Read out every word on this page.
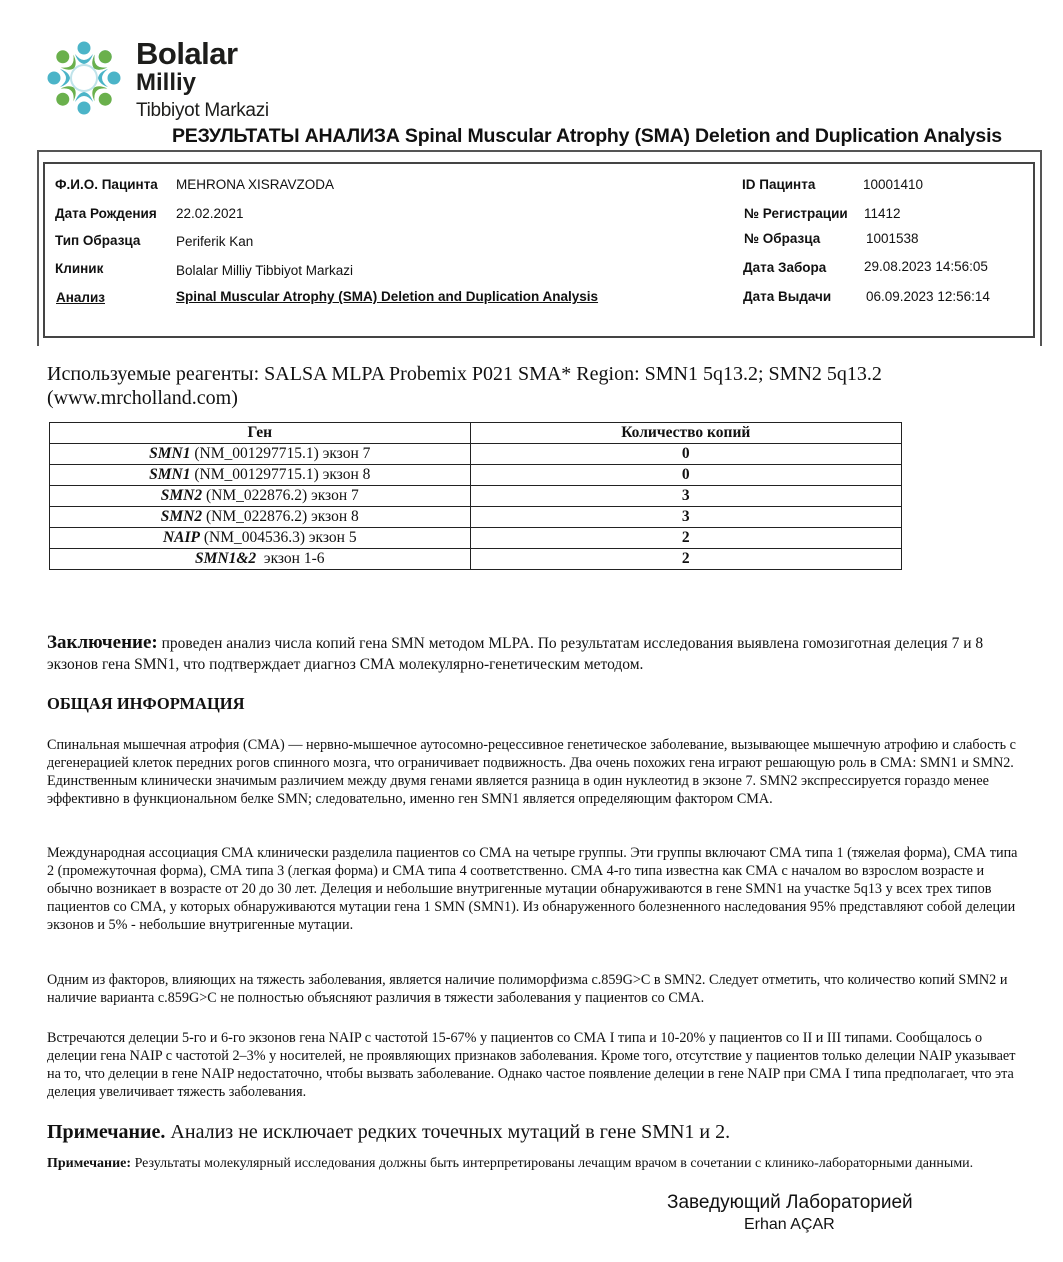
Bolalar
Milliy
Tibbiyot Markazi
РЕЗУЛЬТАТЫ АНАЛИЗА Spinal Muscular Atrophy (SMA) Deletion and Duplication Analysis
Ф.И.О. Пацинта MEHRONA XISRAVZODA
Дата Рождения 22.02.2021
Тип Образца	Periferik Kan
Клиник	Bolalar Milliy Tibbiyot Markazi
Анализ	Spinal Muscular Atrophy (SMA) Deletion and Duplication Analysis
ID Пацинта	10001410
№ Регистрации 11412
№ Образца	1001538
Дата Забора	29.08.2023 14:56:05
Дата Выдачи	06.09.2023 12:56:14
Используемые реагенты: SALSA MLPA Probemix P021 SMA* Region: SMN1 5q13.2; SMN2 5q13.2 (www.mrcholland.com)
Ген	Количество копий
SMN1 (NM_001297715.1) экзон 7	0
SMN1 (NM_001297715.1) экзон 8	0
SMN2 (NM_022876.2) экзон 7	3
SMN2 (NM_022876.2) экзон 8	3
NAIP (NM_004536.3) экзон 5	2
SMN1&2  экзон 1-6	2
Заключение: проведен анализ числа копий гена SMN методом MLPA. По результатам исследования выявлена гомозиготная делеция 7 и 8 экзонов гена SMN1, что подтверждает диагноз СМА молекулярно-генетическим методом.
ОБЩАЯ ИНФОРМАЦИЯ
Спинальная мышечная атрофия (СМА) — нервно-мышечное аутосомно-рецессивное генетическое заболевание, вызывающее мышечную атрофию и слабость с дегенерацией клеток передних рогов спинного мозга, что ограничивает подвижность. Два очень похожих гена играют решающую роль в СМА: SMN1 и SMN2. Единственным клинически значимым различием между двумя генами является разница в один нуклеотид в экзоне 7. SMN2 экспрессируется гораздо менее эффективно в функциональном белке SMN; следовательно, именно ген SMN1 является определяющим фактором СМА.
Международная ассоциация СМА клинически разделила пациентов со СМА на четыре группы. Эти группы включают СМА типа 1 (тяжелая форма), СМА типа 2 (промежуточная форма), СМА типа 3 (легкая форма) и СМА типа 4 соответственно. СМА 4-го типа известна как СМА с началом во взрослом возрасте и обычно возникает в возрасте от 20 до 30 лет. Делеция и небольшие внутригенные мутации обнаруживаются в гене SMN1 на участке 5q13 у всех трех типов пациентов со СМА, у которых обнаруживаются мутации гена 1 SMN (SMN1). Из обнаруженного болезненного наследования 95% представляют собой делеции экзонов и 5% - небольшие внутригенные мутации.
Одним из факторов, влияющих на тяжесть заболевания, является наличие полиморфизма c.859G>C в SMN2. Следует отметить, что количество копий SMN2 и наличие варианта c.859G>C не полностью объясняют различия в тяжести заболевания у пациентов со СМА.
Встречаются делеции 5-го и 6-го экзонов гена NAIP с частотой 15-67% у пациентов со СМА I типа и 10-20% у пациентов со II и III типами. Сообщалось о делеции гена NAIP с частотой 2–3% у носителей, не проявляющих признаков заболевания. Кроме того, отсутствие у пациентов только делеции NAIP указывает на то, что делеции в гене NAIP недостаточно, чтобы вызвать заболевание. Однако частое появление делеции в гене NAIP при СМА I типа предполагает, что эта делеция увеличивает тяжесть заболевания.
Примечание. Анализ не исключает редких точечных мутаций в гене SMN1 и 2.
Примечание: Результаты молекулярный исследования должны быть интерпретированы лечащим врачом в сочетании с клинико-лабораторными данными.
Заведующий Лабораторией
Erhan AÇAR
